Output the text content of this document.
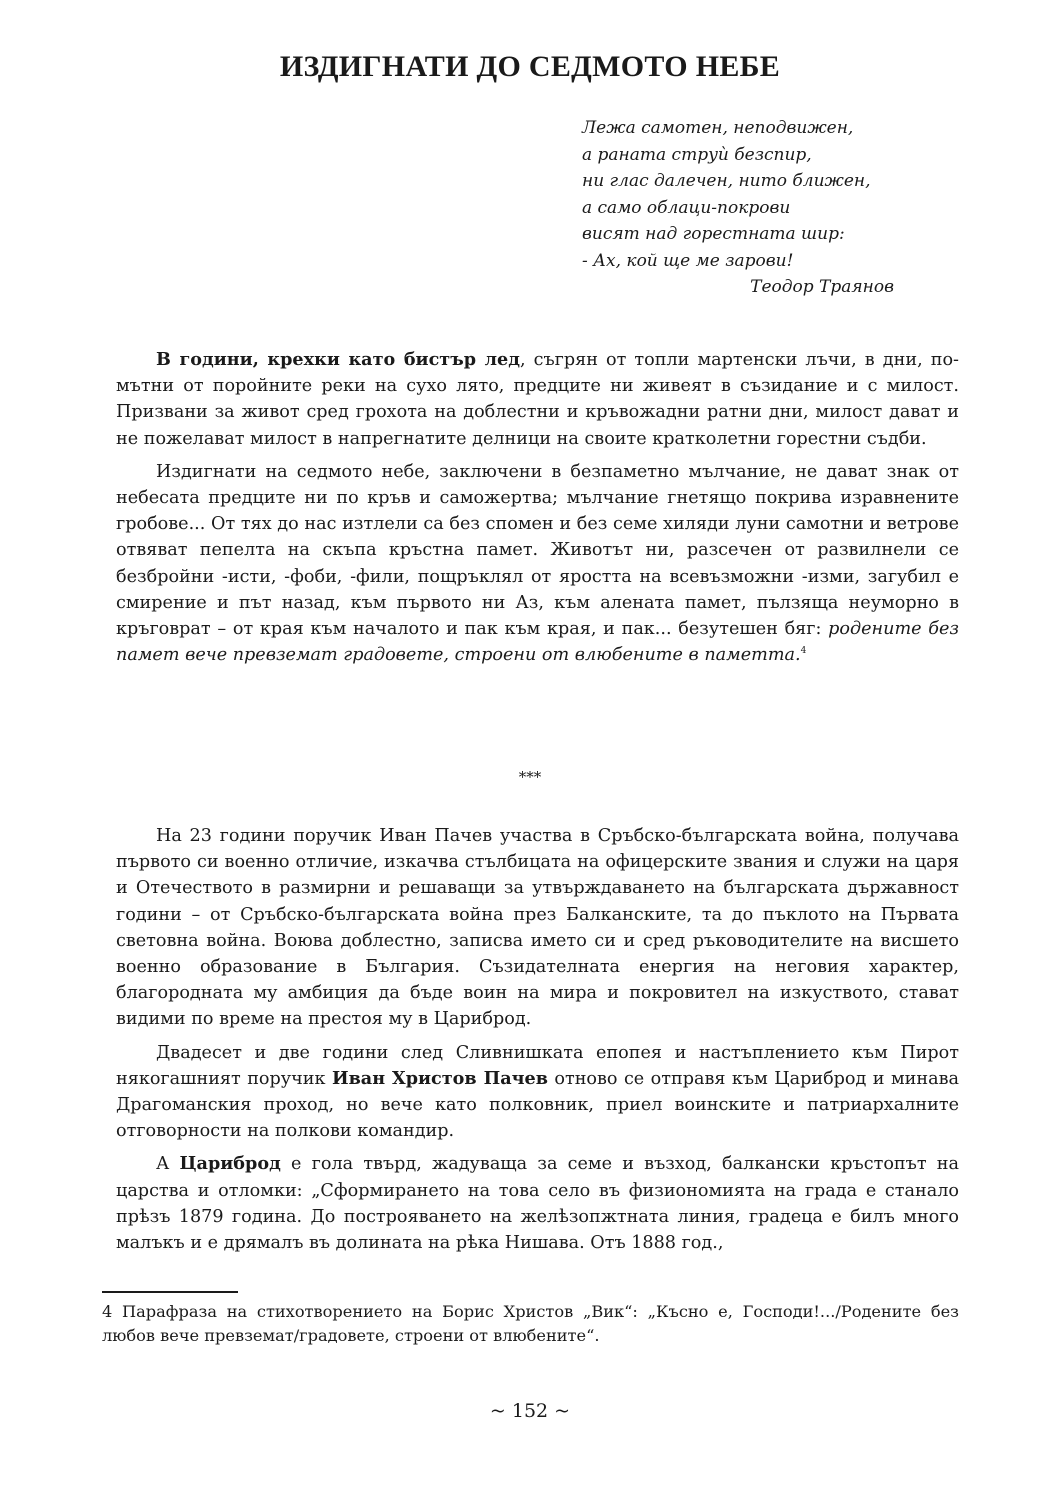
ИЗДИГНАТИ ДО СЕДМОТО НЕБЕ
Лежа самотен, неподвижен,
а раната струѝ безспир,
ни глас далечен, нито ближен,
а само облаци-покрови
висят над горестната шир:
- Ах, кой ще ме зарови!
Теодор Траянов

В години, крехки като бистър лед, съгрян от топли мартенски лъчи, в дни, по-мътни от поройните реки на сухо лято, предците ни живеят в съзидание и с милост. Призвани за живот сред грохота на доблестни и кръвожадни ратни дни, милост дават и не пожелават милост в напрегнатите делници на своите краткoлетни горестни съдби.

Издигнати на седмото небе, заключени в безпаметно мълчание, не дават знак от небесата предците ни по кръв и саможертва; мълчание гнетящо покрива изравнените гробове... От тях до нас изтлели са без спомен и без семе хиляди луни самотни и ветрове отвяват пепелта на скъпа кръстна памет. Животът ни, разсечен от развилнели се безбройни -исти, -фоби, -фили, пощръклял от яростта на всевъзможни -изми, загубил е смирение и път назад, към първото ни Аз, към алената памет, пълзяща неуморно в кръговрат – от края към началото и пак към края, и пак... безутешен бяг: родените без памет вече превземат градовете, строени от влюбените в паметта.$^4$

***

На 23 години поручик Иван Пачев участва в Сръбско-българската война, получава първото си военно отличие, изкачва стълбицата на офицерските звания и служи на царя и Отечеството в размирни и решаващи за утвърждаването на българската държавност години – от Сръбско-българската война през Балканските, та до пъклото на Първата световна война. Воюва доблестно, записва името си и сред ръководителите на висшето военно образование в България. Съзидателната енергия на неговия характер, благородната му амбиция да бъде воин на мира и покровител на изкуството, стават видими по време на престоя му в Цариброд.

Двадесет и две години след Сливнишката епопея и настъплението към Пирот някогашният поручик Иван Христов Пачев отново се отправя към Цариброд и минава Драгоманския проход, но вече като полковник, приел воинските и патриархалните отговорности на полкови командир.

А Цариброд е гола твърд, жадуваща за семе и възход, балкански кръстопът на царства и отломки: „Сформирането на това село въ физиономията на града е станало прѣзъ 1879 година. До построяването на желѣзопжтната линия, градеца е билъ много малъкъ и е дрямалъ въ долината на рѣка Нишава. Отъ 1888 год.,

4 Парафраза на стихотворението на Борис Христов „Вик“: „Късно е, Господи!.../Родените без любов вече превземат/градовете, строени от влюбените“.
~ 152 ~
